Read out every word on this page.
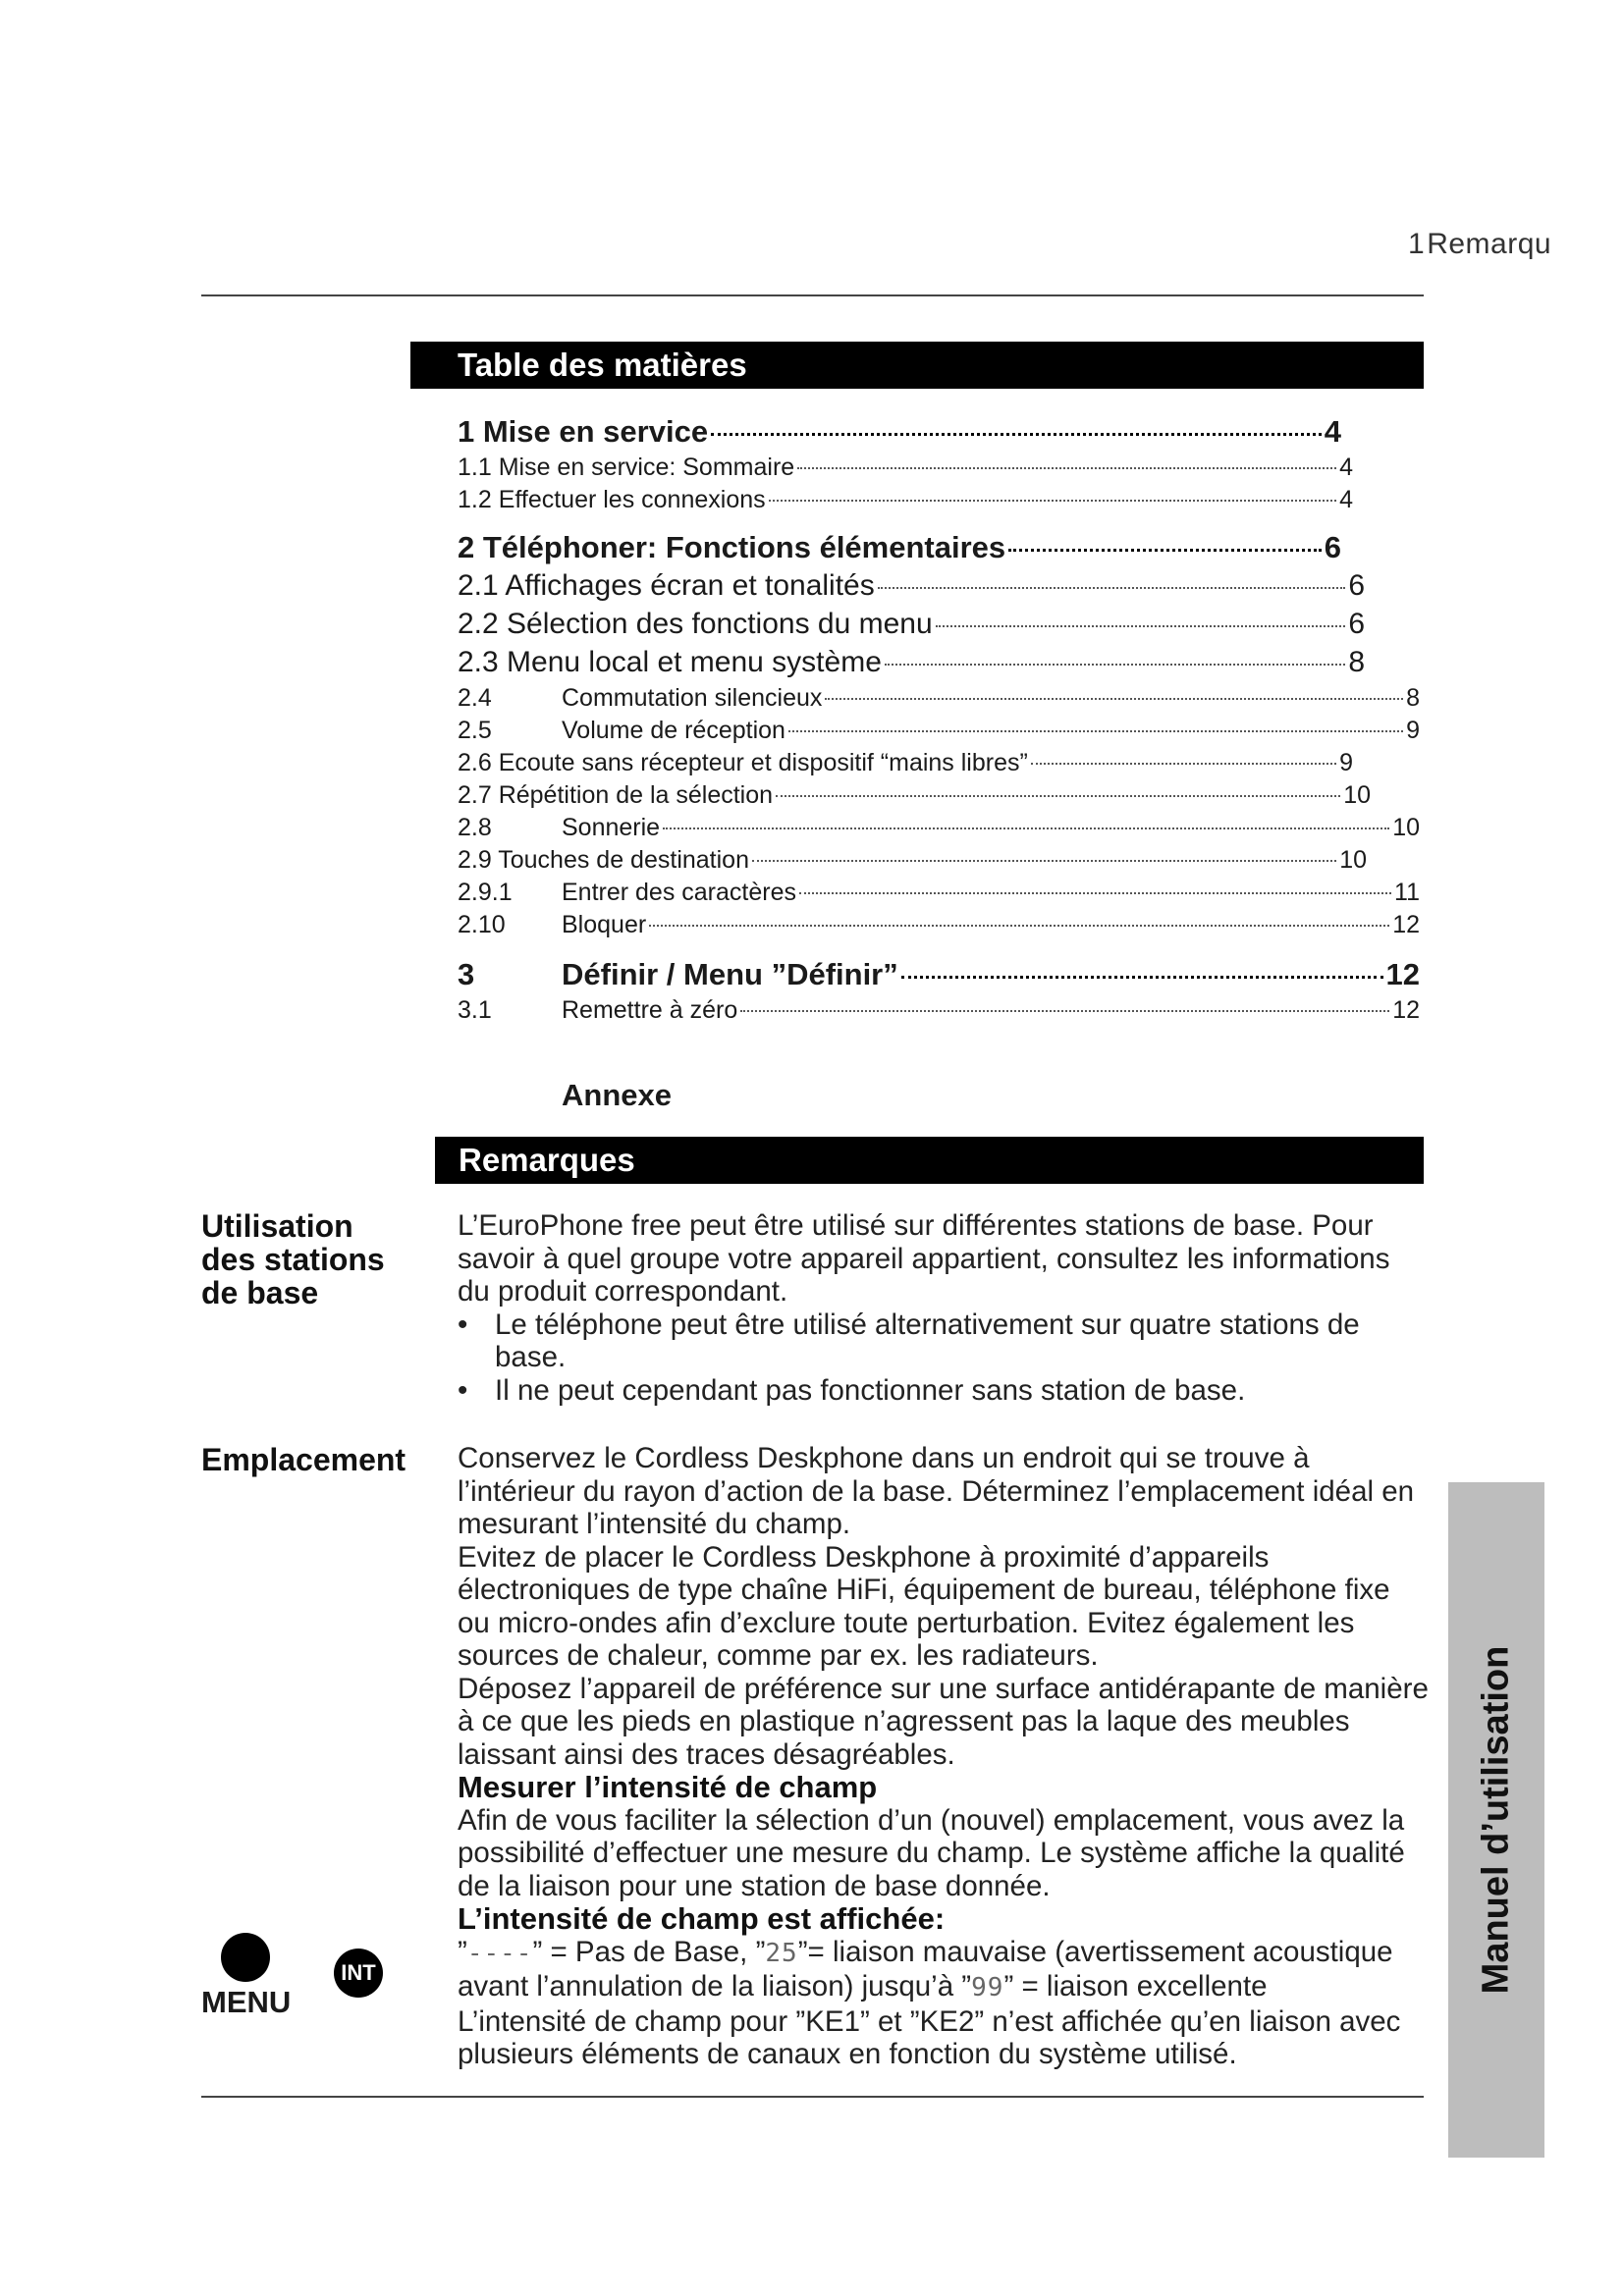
1Remarqu
Table des matières
1 Mise en service	4
1.1 Mise en service: Sommaire	4
1.2 Effectuer les connexions	4
2 Téléphoner: Fonctions élémentaires	6
2.1 Affichages écran et tonalités	6
2.2 Sélection des fonctions du menu	6
2.3 Menu local et menu système	8
2.4	Commutation silencieux	8
2.5	Volume de réception	9
2.6 Ecoute sans récepteur et dispositif “mains libres”	9
2.7 Répétition de la sélection	10
2.8	Sonnerie	10
2.9 Touches de destination	10
2.9.1	Entrer des caractères	11
2.10	Bloquer	12
3	Définir / Menu ”Définir”	12
3.1	Remettre à zéro	12
Annexe
Remarques
Utilisation
des stations
de base
Emplacement

L’EuroPhone free peut être utilisé sur différentes stations de base. Pour savoir à quel groupe votre appareil appartient, consultez les informations du produit correspondant.

• Le téléphone peut être utilisé alternativement sur quatre stations de base.

• Il ne peut cependant pas fonctionner sans station de base.

Conservez le Cordless Deskphone dans un endroit qui se trouve à l’intérieur du rayon d’action de la base. Déterminez l’emplacement idéal en mesurant l’intensité du champ.

Evitez de placer le Cordless Deskphone à proximité d’appareils électroniques de type chaîne HiFi, équipement de bureau, téléphone fixe ou micro-ondes afin d’exclure toute perturbation. Evitez également les sources de chaleur, comme par ex. les radiateurs.

Déposez l’appareil de préférence sur une surface antidérapante de manière à ce que les pieds en plastique n’agressent pas la laque des meubles laissant ainsi des traces désagréables.

Mesurer l’intensité de champ

Afin de vous faciliter la sélection d’un (nouvel) emplacement, vous avez la possibilité d’effectuer une mesure du champ. Le système affiche la qualité de la liaison pour une station de base donnée.

L’intensité de champ est affichée:

”----” = Pas de Base, ”25”= liaison mauvaise (avertissement acoustique avant l’annulation de la liaison) jusqu’à ”99” = liaison excellente

L’intensité de champ pour ”KE1” et ”KE2” n’est affichée qu’en liaison avec plusieurs éléments de canaux en fonction du système utilisé.

MENU
INT	Manuel d’utilisation
